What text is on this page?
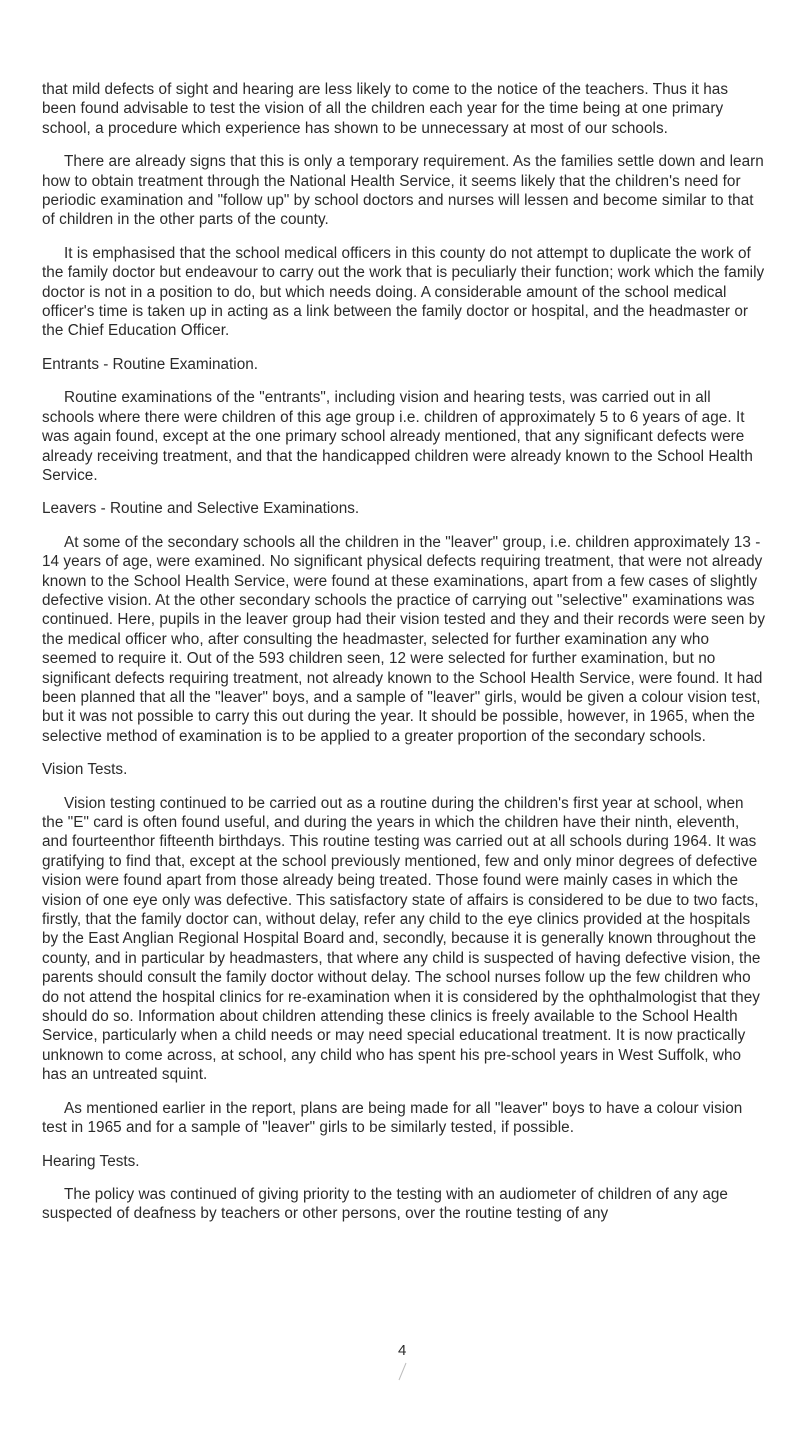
that mild defects of sight and hearing are less likely to come to the notice of the teachers. Thus it has been found advisable to test the vision of all the children each year for the time being at one primary school, a procedure which experience has shown to be unnecessary at most of our schools.

There are already signs that this is only a temporary requirement. As the families settle down and learn how to obtain treatment through the National Health Service, it seems likely that the children's need for periodic examination and "follow up" by school doctors and nurses will lessen and become similar to that of children in the other parts of the county.

It is emphasised that the school medical officers in this county do not attempt to duplicate the work of the family doctor but endeavour to carry out the work that is peculiarly their function; work which the family doctor is not in a position to do, but which needs doing. A considerable amount of the school medical officer's time is taken up in acting as a link between the family doctor or hospital, and the headmaster or the Chief Education Officer.

Entrants - Routine Examination.

Routine examinations of the "entrants", including vision and hearing tests, was carried out in all schools where there were children of this age group i.e. children of approximately 5 to 6 years of age. It was again found, except at the one primary school already mentioned, that any significant defects were already receiving treatment, and that the handicapped children were already known to the School Health Service.

Leavers - Routine and Selective Examinations.

At some of the secondary schools all the children in the "leaver" group, i.e. children approximately 13 - 14 years of age, were examined. No significant physical defects requiring treatment, that were not already known to the School Health Service, were found at these examinations, apart from a few cases of slightly defective vision. At the other secondary schools the practice of carrying out "selective" examinations was continued. Here, pupils in the leaver group had their vision tested and they and their records were seen by the medical officer who, after consulting the headmaster, selected for further examination any who seemed to require it. Out of the 593 children seen, 12 were selected for further examination, but no significant defects requiring treatment, not already known to the School Health Service, were found. It had been planned that all the "leaver" boys, and a sample of "leaver" girls, would be given a colour vision test, but it was not possible to carry this out during the year. It should be possible, however, in 1965, when the selective method of examination is to be applied to a greater proportion of the secondary schools.

Vision Tests.

Vision testing continued to be carried out as a routine during the children's first year at school, when the "E" card is often found useful, and during the years in which the children have their ninth, eleventh, and fourteenthor fifteenth birthdays. This routine testing was carried out at all schools during 1964. It was gratifying to find that, except at the school previously mentioned, few and only minor degrees of defective vision were found apart from those already being treated. Those found were mainly cases in which the vision of one eye only was defective. This satisfactory state of affairs is considered to be due to two facts, firstly, that the family doctor can, without delay, refer any child to the eye clinics provided at the hospitals by the East Anglian Regional Hospital Board and, secondly, because it is generally known throughout the county, and in particular by headmasters, that where any child is suspected of having defective vision, the parents should consult the family doctor without delay. The school nurses follow up the few children who do not attend the hospital clinics for re-examination when it is considered by the ophthalmologist that they should do so. Information about children attending these clinics is freely available to the School Health Service, particularly when a child needs or may need special educational treatment. It is now practically unknown to come across, at school, any child who has spent his pre-school years in West Suffolk, who has an untreated squint.

As mentioned earlier in the report, plans are being made for all "leaver" boys to have a colour vision test in 1965 and for a sample of "leaver" girls to be similarly tested, if possible.

Hearing Tests.

The policy was continued of giving priority to the testing with an audiometer of children of any age suspected of deafness by teachers or other persons, over the routine testing of any

4
